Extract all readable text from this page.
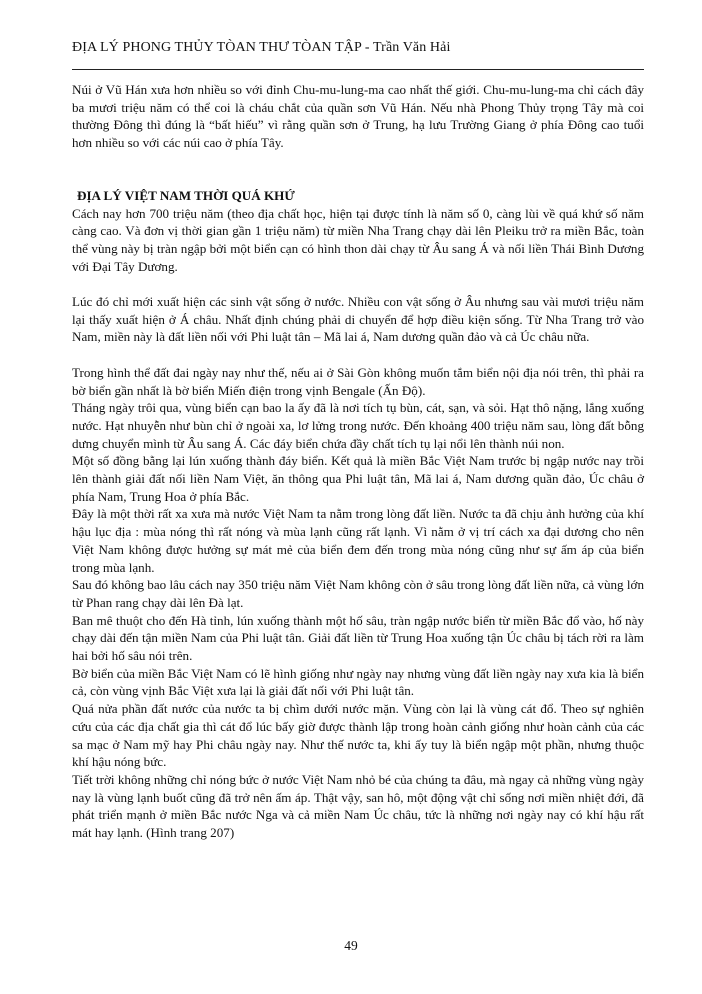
ĐỊA LÝ PHONG THỦY TÒAN THƯ TÒAN TẬP - Trần Văn Hải

Núi ở Vũ Hán xưa hơn nhiều so với đỉnh Chu-mu-lung-ma cao nhất thế giới. Chu-mu-lung-ma chỉ cách đây ba mươi triệu năm có thể coi là cháu chắt của quần sơn Vũ Hán. Nếu nhà Phong Thủy trọng Tây mà coi thường Đông thì đúng là “bất hiếu” vì rằng quần sơn ở Trung, hạ lưu Trường Giang ở phía Đông cao tuổi hơn nhiều so với các núi cao ở phía Tây.

ĐỊA LÝ VIỆT NAM THỜI QUÁ KHỨ

Cách nay hơn 700 triệu năm (theo địa chất học, hiện tại được tính là năm số 0, càng lùi về quá khứ số năm càng cao. Và đơn vị thời gian gần 1 triệu năm) từ miền Nha Trang chạy dài lên Pleiku trở ra miền Bắc, toàn thể vùng này bị tràn ngập bởi một biển cạn có hình thon dài chạy từ Âu sang Á và nối liền Thái Bình Dương với Đại Tây Dương.

Lúc đó chỉ mới xuất hiện các sinh vật sống ở nước. Nhiều con vật sống ở Âu nhưng sau vài mươi triệu năm lại thấy xuất hiện ở Á châu. Nhất định chúng phải di chuyển để hợp điều kiện sống. Từ Nha Trang trở vào Nam, miền này là đất liền nối với Phi luật tân – Mã lai á, Nam dương quần đảo và cả Úc châu nữa.

Trong hình thể đất đai ngày nay như thế, nếu ai ở Sài Gòn không muốn tắm biển nội địa nói trên, thì phải ra bờ biển gần nhất là bờ biển Miến điện trong vịnh Bengale (Ấn Độ).

Tháng ngày trôi qua, vùng biển cạn bao la ấy đã là nơi tích tụ bùn, cát, sạn, và sỏi. Hạt thô nặng, lắng xuống nước. Hạt nhuyễn như bùn chỉ ở ngoài xa, lơ lửng trong nước. Đến khoảng 400 triệu năm sau, lòng đất bỗng dưng chuyển mình từ Âu sang Á. Các đáy biển chứa đầy chất tích tụ lại nổi lên thành núi non.

Một số đồng bằng lại lún xuống thành đáy biển. Kết quả là miền Bắc Việt Nam trước bị ngập nước nay trồi lên thành giải đất nối liền Nam Việt, ăn thông qua Phi luật tân, Mã lai á, Nam dương quần đảo, Úc châu ở phía Nam, Trung Hoa ở phía Bắc.

Đây là một thời rất xa xưa mà nước Việt Nam ta nằm trong lòng đất liền. Nước ta đã chịu ảnh hưởng của khí hậu lục địa : mùa nóng thì rất nóng và mùa lạnh cũng rất lạnh. Vì nằm ở vị trí cách xa đại dương cho nên Việt Nam không được hưởng sự mát mẻ của biển đem đến trong mùa nóng cũng như sự ấm áp của biển trong mùa lạnh.

Sau đó không bao lâu cách nay 350 triệu năm Việt Nam không còn ở sâu trong lòng đất liền nữa, cả vùng lớn từ Phan rang chạy dài lên Đà lạt.

Ban mê thuột cho đến Hà tỉnh, lún xuống thành một hố sâu, tràn ngập nước biển từ miền Bắc đổ vào, hố này chạy dài đến tận miền Nam của Phi luật tân. Giải đất liền từ Trung Hoa xuống tận Úc châu bị tách rời ra làm hai bởi hố sâu nói trên.

Bờ biển của miền Bắc Việt Nam có lẽ hình giống như ngày nay nhưng vùng đất liền ngày nay xưa kia là biển cả, còn vùng vịnh Bắc Việt xưa lại là giải đất nối với Phi luật tân.

Quá nửa phần đất nước của nước ta bị chìm dưới nước mặn. Vùng còn lại là vùng cát đổ. Theo sự nghiên cứu của các địa chất gia thì cát đổ lúc bấy giờ được thành lập trong hoàn cảnh giống như hoàn cảnh của các sa mạc ở Nam mỹ hay Phi châu ngày nay. Như thế nước ta, khi ấy tuy là biển ngập một phần, nhưng thuộc khí hậu nóng bức.

Tiết trời không những chỉ nóng bức ở nước Việt Nam nhỏ bé của chúng ta đâu, mà ngay cả những vùng ngày nay là vùng lạnh buốt cũng đã trở nên ấm áp. Thật vậy, san hô, một động vật chỉ sống nơi miền nhiệt đới, đã phát triển mạnh ở miền Bắc nước Nga và cả miền Nam Úc châu, tức là những nơi ngày nay có khí hậu rất mát hay lạnh. (Hình trang 207)

49
